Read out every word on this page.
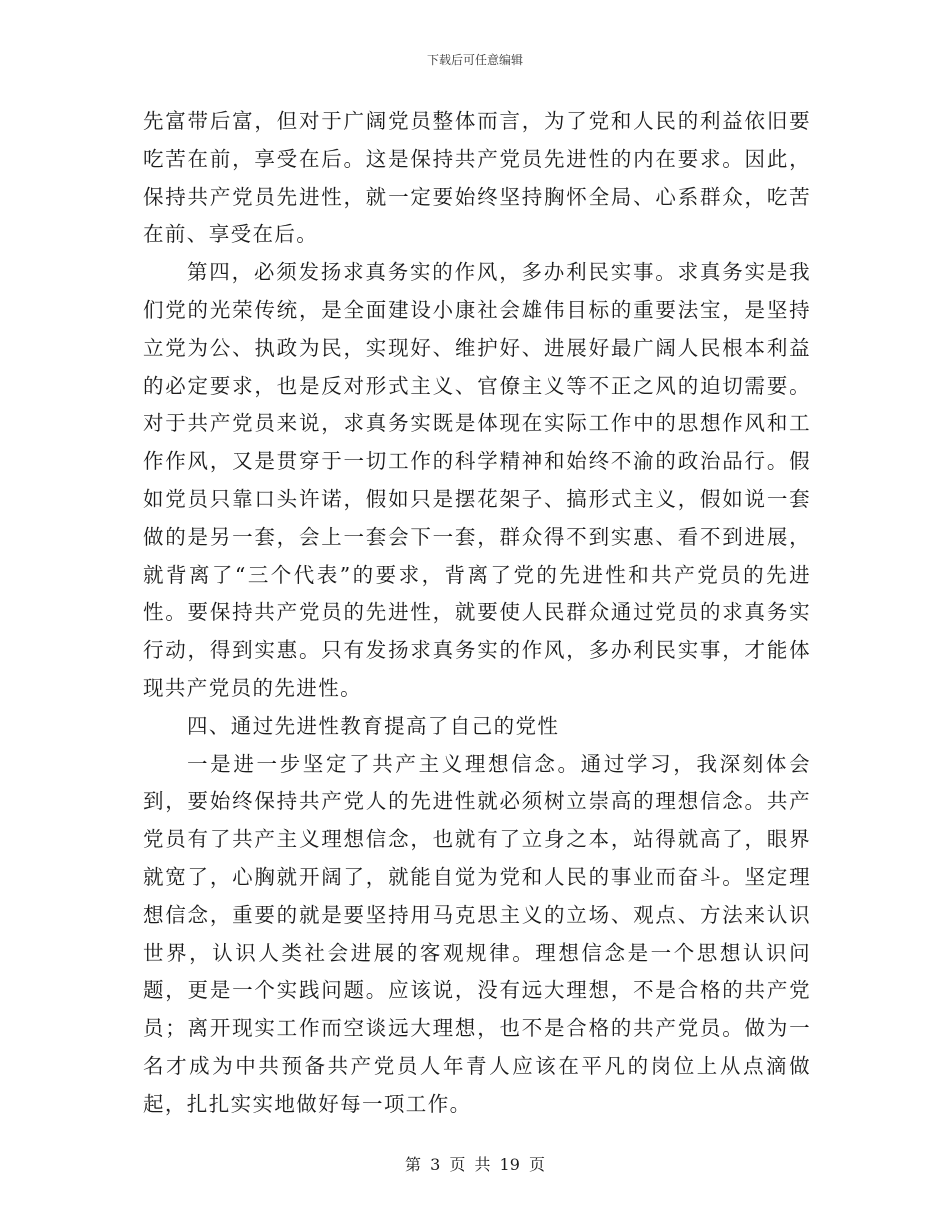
下载后可任意编辑

先富带后富，但对于广阔党员整体而言，为了党和人民的利益依旧要吃苦在前，享受在后。这是保持共产党员先进性的内在要求。因此，保持共产党员先进性，就一定要始终坚持胸怀全局、心系群众，吃苦在前、享受在后。

第四，必须发扬求真务实的作风，多办利民实事。求真务实是我们党的光荣传统，是全面建设小康社会雄伟目标的重要法宝，是坚持立党为公、执政为民，实现好、维护好、进展好最广阔人民根本利益的必定要求，也是反对形式主义、官僚主义等不正之风的迫切需要。对于共产党员来说，求真务实既是体现在实际工作中的思想作风和工作作风，又是贯穿于一切工作的科学精神和始终不渝的政治品行。假如党员只靠口头许诺，假如只是摆花架子、搞形式主义，假如说一套做的是另一套，会上一套会下一套，群众得不到实惠、看不到进展，就背离了“三个代表”的要求，背离了党的先进性和共产党员的先进性。要保持共产党员的先进性，就要使人民群众通过党员的求真务实行动，得到实惠。只有发扬求真务实的作风，多办利民实事，才能体现共产党员的先进性。

四、通过先进性教育提高了自己的党性

一是进一步坚定了共产主义理想信念。通过学习，我深刻体会到，要始终保持共产党人的先进性就必须树立崇高的理想信念。共产党员有了共产主义理想信念，也就有了立身之本，站得就高了，眼界就宽了，心胸就开阔了，就能自觉为党和人民的事业而奋斗。坚定理想信念，重要的就是要坚持用马克思主义的立场、观点、方法来认识世界，认识人类社会进展的客观规律。理想信念是一个思想认识问题，更是一个实践问题。应该说，没有远大理想，不是合格的共产党员；离开现实工作而空谈远大理想，也不是合格的共产党员。做为一名才成为中共预备共产党员人年青人应该在平凡的岗位上从点滴做起，扎扎实实地做好每一项工作。

第 3 页 共 19 页
